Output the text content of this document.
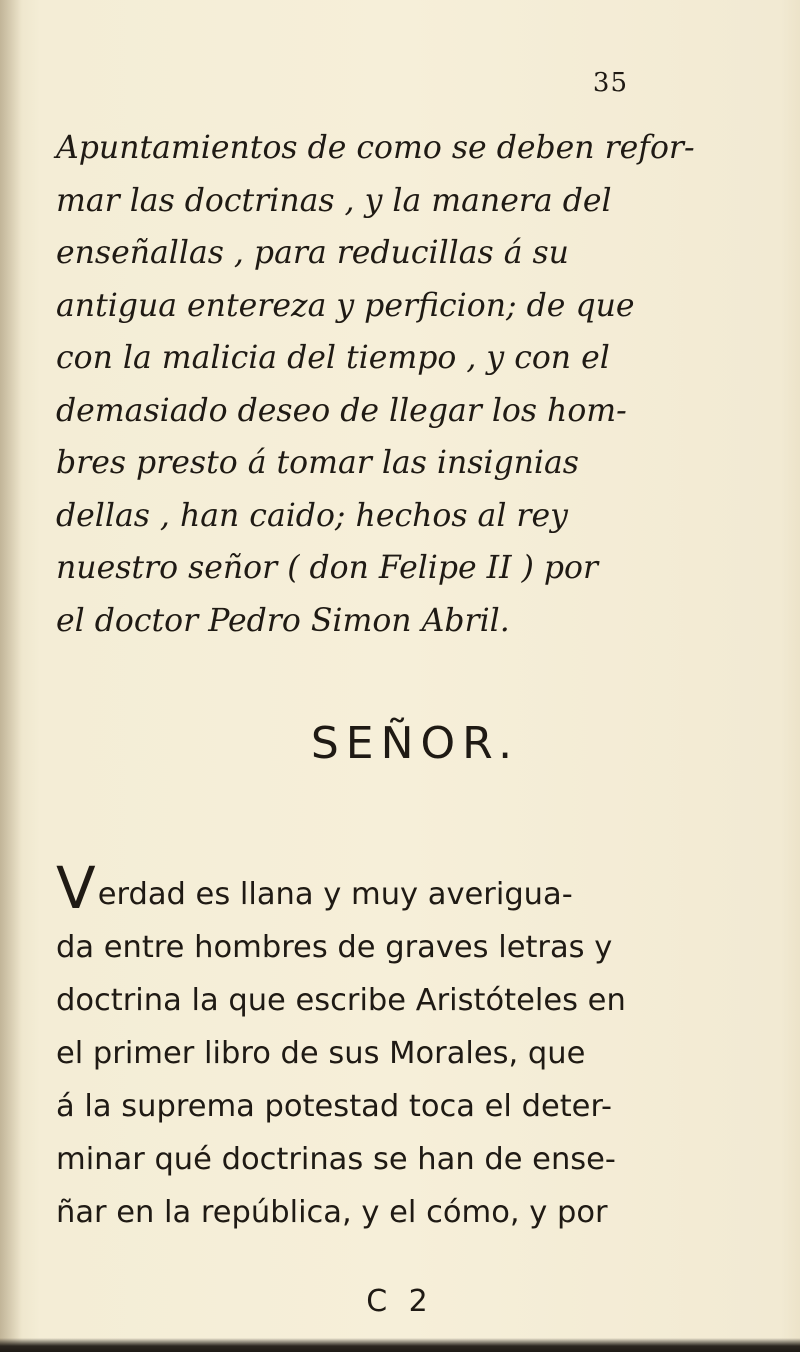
35
Apuntamientos de como se deben refor-
mar las doctrinas , y la manera del
enseñallas , para reducillas á su
antigua entereza y perficion; de que
con la malicia del tiempo , y con el
demasiado deseo de llegar los hom-
bres presto á tomar las insignias
dellas , han caido; hechos al rey
nuestro señor ( don Felipe II ) por
el doctor Pedro Simon Abril.
SEÑOR.
Verdad es llana y muy averigua-
da entre hombres de graves letras y
doctrina la que escribe Aristóteles en
el primer libro de sus Morales, que
á la suprema potestad toca el deter-
minar qué doctrinas se han de ense-
ñar en la república, y el cómo, y por
C 2
